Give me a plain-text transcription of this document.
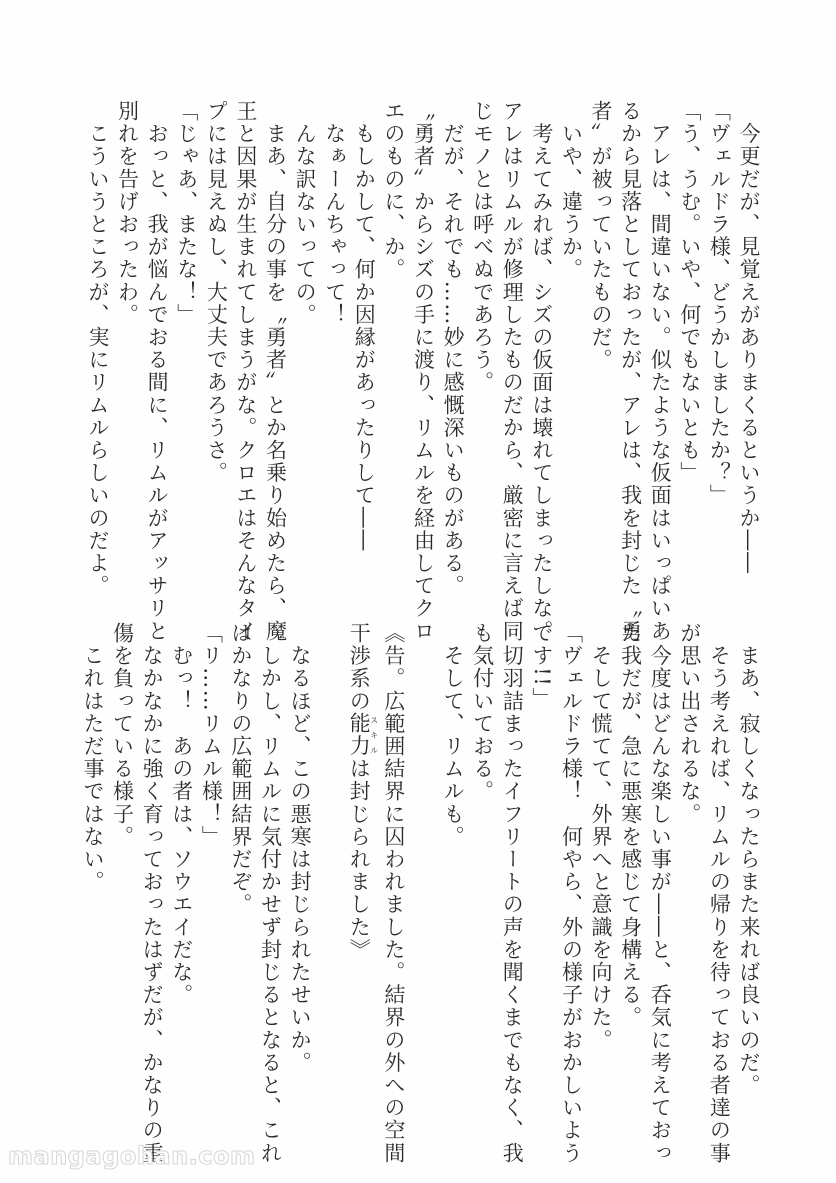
　今更だが、見覚えがありまくるというか――
「ヴェルドラ様、どうかしましたか？」
「う、うむ。いや、何でもないとも」
　アレは、間違いない。似たような仮面はいっぱいあ
るから見落としておったが、アレは、我を封じた〝勇
者〟が被っていたものだ。
　いや、違うか。
　考えてみれば、シズの仮面は壊れてしまったしな。
アレはリムルが修理したものだから、厳密に言えば同
じモノとは呼べぬであろう。
　だが、それでも……妙に感慨深いものがある。
〝勇者〟からシズの手に渡り、リムルを経由してクロ
エのものに、か。
　もしかして、何か因縁があったりして――
　なぁーんちゃって！
　んな訳ないっての。
　まあ、自分の事を〝勇者〟とか名乗り始めたら、魔
王と因果が生まれてしまうがな。クロエはそんなタイ
プには見えぬし、大丈夫であろうさ。
「じゃあ、またな！」
　おっと、我が悩んでおる間に、リムルがアッサリと
別れを告げおったわ。
　こういうところが、実にリムルらしいのだよ。
　まあ、寂しくなったらまた来れば良いのだ。
　そう考えれば、リムルの帰りを待っておる者達の事
が思い出されるな。
　今度はどんな楽しい事が――と、呑気に考えておっ
た我だが、急に悪寒を感じて身構える。
　そして慌てて、外界へと意識を向けた。
「ヴェルドラ様！　何やら、外の様子がおかしいよう
です!!」
　切羽詰まったイフリートの声を聞くまでもなく、我
も気付いておる。
　そして、リムルも。
《告。広範囲結界に囚われました。結界の外への空間
干渉系の能力スキルは封じられました》
　なるほど、この悪寒は封じられたせいか。
　しかし、リムルに気付かせず封じるとなると、これ
はかなりの広範囲結界だぞ。
「リ……リムル様！」
　むっ！　あの者は、ソウエイだな。
　なかなかに強く育っておったはずだが、かなりの重
傷を負っている様子。
　これはただ事ではない。
mangagohan.com
